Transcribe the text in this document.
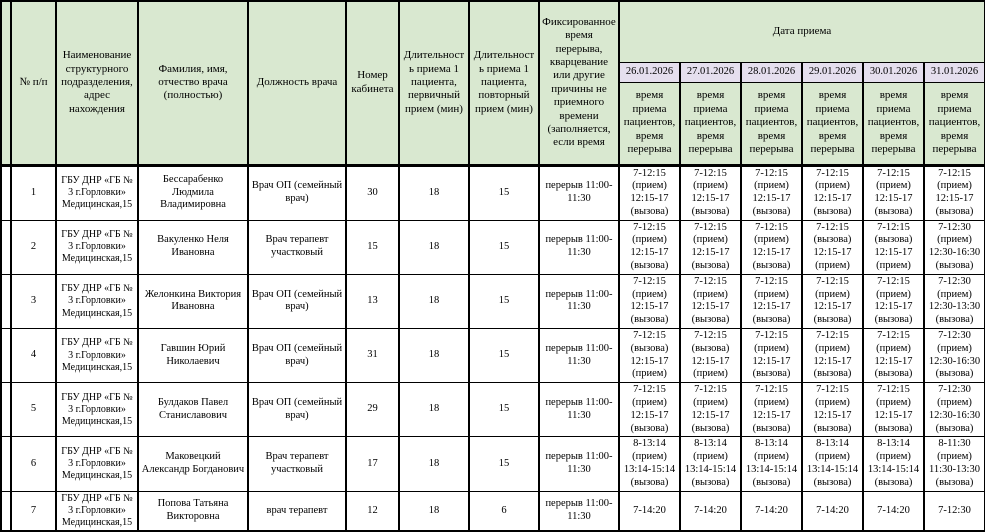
	№ п/п	Наименование структурного подразделения, адрес нахождения	Фамилия, имя, отчество врача (полностью)	Должность врача	Номер кабинета	Длительность приема 1 пациента, первичный прием (мин)	Длительность приема 1 пациента, повторный прием (мин)	Фиксированное время перерыва, кварцевание или другие причины не приемного времени (заполняется, если время	Дата приема					
									26.01.2026	27.01.2026	28.01.2026	29.01.2026	30.01.2026	31.01.2026
									время приема пациентов, время перерыва	время приема пациентов, время перерыва	время приема пациентов, время перерыва	время приема пациентов, время перерыва	время приема пациентов, время перерыва	время приема пациентов, время перерыва
	1	ГБУ ДНР «ГБ № 3 г.Горловки» Медицинская,15	Бессарабенко Людмила Владимировна	Врач ОП (семейный врач)	30	18	15	перерыв 11:00-11:30	7-12:15 (прием) 12:15-17 (вызова)	7-12:15 (прием) 12:15-17 (вызова)	7-12:15 (прием) 12:15-17 (вызова)	7-12:15 (прием) 12:15-17 (вызова)	7-12:15 (прием) 12:15-17 (вызова)	7-12:15 (прием) 12:15-17 (вызова)
	2	ГБУ ДНР «ГБ № 3 г.Горловки» Медицинская,15	Вакуленко Неля Ивановна	Врач терапевт участковый	15	18	15	перерыв 11:00-11:30	7-12:15 (прием) 12:15-17 (вызова)	7-12:15 (прием) 12:15-17 (вызова)	7-12:15 (прием) 12:15-17 (вызова)	7-12:15 (вызова) 12:15-17 (прием)	7-12:15 (вызова) 12:15-17 (прием)	7-12:30 (прием) 12:30-16:30 (вызова)
	3	ГБУ ДНР «ГБ № 3 г.Горловки» Медицинская,15	Желонкина Виктория Ивановна	Врач ОП (семейный врач)	13	18	15	перерыв 11:00-11:30	7-12:15 (прием) 12:15-17 (вызова)	7-12:15 (прием) 12:15-17 (вызова)	7-12:15 (прием) 12:15-17 (вызова)	7-12:15 (прием) 12:15-17 (вызова)	7-12:15 (прием) 12:15-17 (вызова)	7-12:30 (прием) 12:30-13:30 (вызова)
	4	ГБУ ДНР «ГБ № 3 г.Горловки» Медицинская,15	Гавшин Юрий Николаевич	Врач ОП (семейный врач)	31	18	15	перерыв 11:00-11:30	7-12:15 (вызова) 12:15-17 (прием)	7-12:15 (вызова) 12:15-17 (прием)	7-12:15 (прием) 12:15-17 (вызова)	7-12:15 (прием) 12:15-17 (вызова)	7-12:15 (прием) 12:15-17 (вызова)	7-12:30 (прием) 12:30-16:30 (вызова)
	5	ГБУ ДНР «ГБ № 3 г.Горловки» Медицинская,15	Булдаков Павел Станиславович	Врач ОП (семейный врач)	29	18	15	перерыв 11:00-11:30	7-12:15 (прием) 12:15-17 (вызова)	7-12:15 (прием) 12:15-17 (вызова)	7-12:15 (прием) 12:15-17 (вызова)	7-12:15 (прием) 12:15-17 (вызова)	7-12:15 (прием) 12:15-17 (вызова)	7-12:30 (прием) 12:30-16:30 (вызова)
	6	ГБУ ДНР «ГБ № 3 г.Горловки» Медицинская,15	Маковецкий Александр Богданович	Врач терапевт участковый	17	18	15	перерыв 11:00-11:30	8-13:14 (прием) 13:14-15:14 (вызова)	8-13:14 (прием) 13:14-15:14 (вызова)	8-13:14 (прием) 13:14-15:14 (вызова)	8-13:14 (прием) 13:14-15:14 (вызова)	8-13:14 (прием) 13:14-15:14 (вызова)	8-11:30 (прием) 11:30-13:30 (вызова)
	7	ГБУ ДНР «ГБ № 3 г.Горловки» Медицинская,15	Попова Татьяна Викторовна	врач терапевт	12	18	6	перерыв 11:00-11:30	7-14:20	7-14:20	7-14:20	7-14:20	7-14:20	7-12:30
